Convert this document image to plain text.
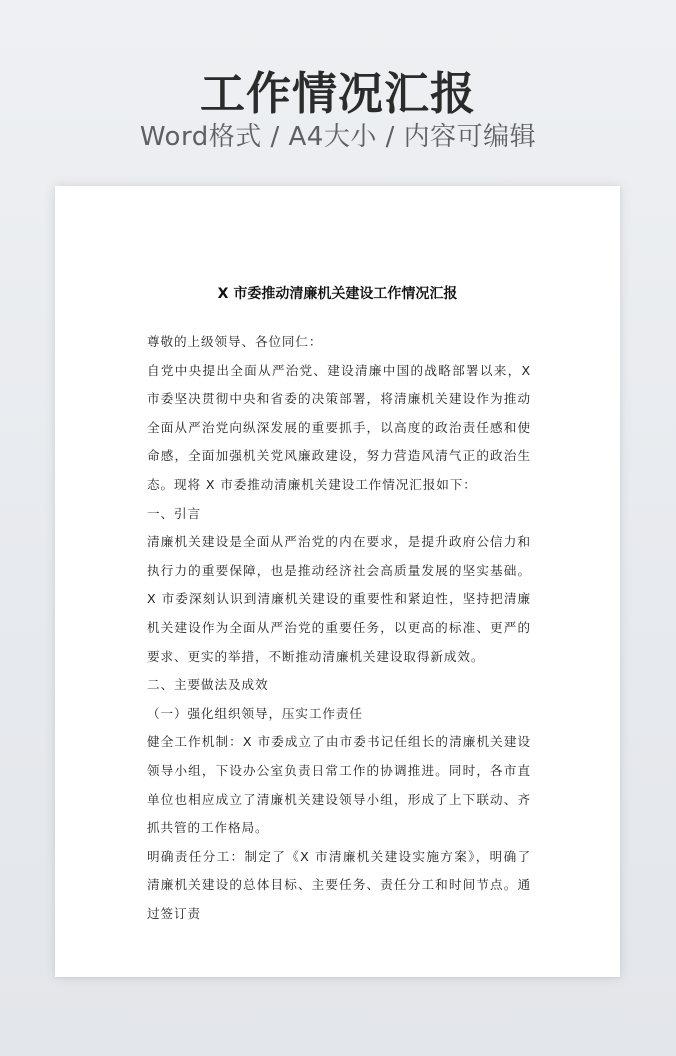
工作情况汇报
Word格式 / A4大小 / 内容可编辑
X 市委推动清廉机关建设工作情况汇报

尊敬的上级领导、各位同仁：

自党中央提出全面从严治党、建设清廉中国的战略部署以来，X 市委坚决贯彻中央和省委的决策部署，将清廉机关建设作为推动全面从严治党向纵深发展的重要抓手，以高度的政治责任感和使命感，全面加强机关党风廉政建设，努力营造风清气正的政治生态。现将 X 市委推动清廉机关建设工作情况汇报如下：

一、引言

清廉机关建设是全面从严治党的内在要求，是提升政府公信力和执行力的重要保障，也是推动经济社会高质量发展的坚实基础。X 市委深刻认识到清廉机关建设的重要性和紧迫性，坚持把清廉机关建设作为全面从严治党的重要任务，以更高的标准、更严的要求、更实的举措，不断推动清廉机关建设取得新成效。

二、主要做法及成效

（一）强化组织领导，压实工作责任

健全工作机制：X 市委成立了由市委书记任组长的清廉机关建设领导小组，下设办公室负责日常工作的协调推进。同时，各市直单位也相应成立了清廉机关建设领导小组，形成了上下联动、齐抓共管的工作格局。

明确责任分工：制定了《X 市清廉机关建设实施方案》，明确了清廉机关建设的总体目标、主要任务、责任分工和时间节点。通过签订责
